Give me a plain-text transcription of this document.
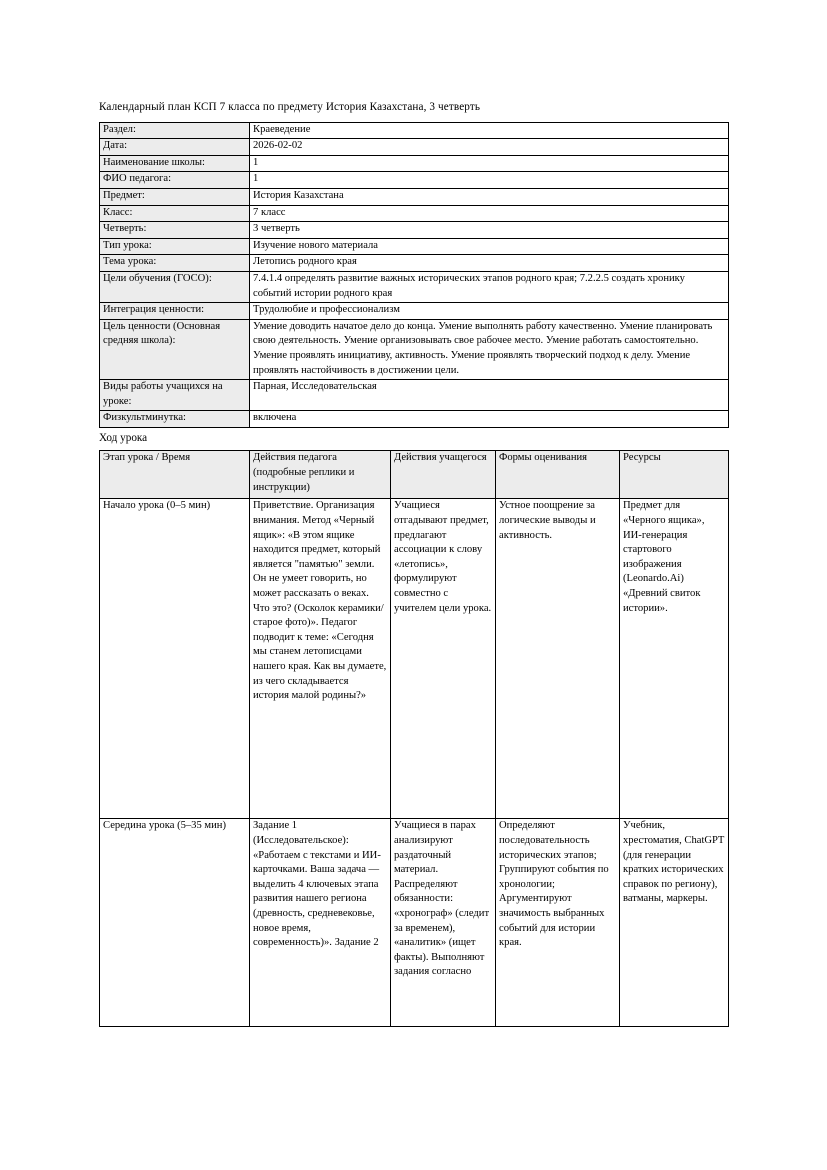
Календарный план КСП 7 класса по предмету История Казахстана, 3 четверть

Раздел:	Краеведение
Дата:	2026-02-02
Наименование школы:	1
ФИО педагога:	1
Предмет:	История Казахстана
Класс:	7 класс
Четверть:	3 четверть
Тип урока:	Изучение нового материала
Тема урока:	Летопись родного края
Цели обучения (ГОСО):	7.4.1.4 определять развитие важных исторических этапов родного края; 7.2.2.5 создать хронику событий истории родного края
Интеграция ценности:	Трудолюбие и профессионализм
Цель ценности (Основная средняя школа):	Умение доводить начатое дело до конца. Умение выполнять работу качественно. Умение планировать свою деятельность. Умение организовывать свое рабочее место. Умение работать самостоятельно. Умение проявлять инициативу, активность. Умение проявлять творческий подход к делу. Умение проявлять настойчивость в достижении цели.
Виды работы учащихся на уроке:	Парная, Исследовательская
Физкультминутка:	включена

Ход урока

Этап урока / Время	Действия педагога (подробные реплики и инструкции)	Действия учащегося	Формы оценивания	Ресурсы
Начало урока (0–5 мин)	Приветствие. Организация внимания. Метод «Черный ящик»: «В этом ящике находится предмет, который является "памятью" земли. Он не умеет говорить, но может рассказать о веках. Что это? (Осколок керамики/старое фото)». Педагог подводит к теме: «Сегодня мы станем летописцами нашего края. Как вы думаете, из чего складывается история малой родины?»	Учащиеся отгадывают предмет, предлагают ассоциации к слову «летопись», формулируют совместно с учителем цели урока.	Устное поощрение за логические выводы и активность.	Предмет для «Черного ящика», ИИ-генерация стартового изображения (Leonardo.Ai) «Древний свиток истории».
Середина урока (5–35 мин)	Задание 1 (Исследовательское): «Работаем с текстами и ИИ-карточками. Ваша задача — выделить 4 ключевых этапа развития нашего региона (древность, средневековье, новое время, современность)». Задание 2	Учащиеся в парах анализируют раздаточный материал. Распределяют обязанности: «хронограф» (следит за временем), «аналитик» (ищет факты). Выполняют задания согласно	Определяют последовательность исторических этапов; Группируют события по хронологии; Аргументируют значимость выбранных событий для истории края.	Учебник, хрестоматия, ChatGPT (для генерации кратких исторических справок по региону), ватманы, маркеры.
